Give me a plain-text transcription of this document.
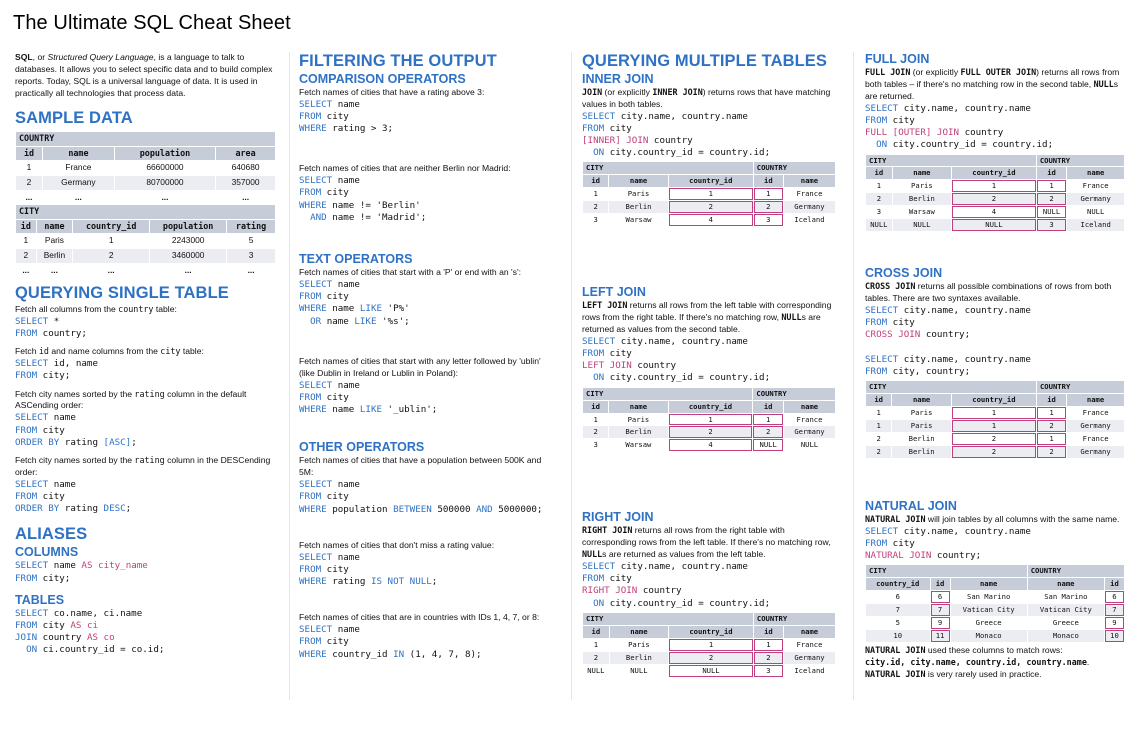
The Ultimate SQL Cheat Sheet
SQL, or Structured Query Language, is a language to talk to databases. It allows you to select specific data and to build complex reports. Today, SQL is a universal language of data. It is used in practically all technologies that process data.
SAMPLE DATA
COUNTRY			
id	name	population	area
1	France	66600000	640680
2	Germany	80700000	357000
...	...	...	...
CITY			
id	name	country_id	population	rating
1	Paris	1	2243000	5
2	Berlin	2	3460000	3
...	...	...	...	...
QUERYING SINGLE TABLE
Fetch all columns from the country table:
SELECT *
FROM country;
Fetch id and name columns from the city table:
SELECT id, name
FROM city;
Fetch city names sorted by the rating column in the default ASCending order:
SELECT name
FROM city
ORDER BY rating [ASC];
Fetch city names sorted by the rating column in the DESCending order:
SELECT name
FROM city
ORDER BY rating DESC;
ALIASES
COLUMNS
SELECT name AS city_name
FROM city;
TABLES
SELECT co.name, ci.name
FROM city AS ci
JOIN country AS co
ON ci.country_id = co.id;
FILTERING THE OUTPUT
COMPARISON OPERATORS
Fetch names of cities that have a rating above 3:
SELECT name
FROM city
WHERE rating > 3;
Fetch names of cities that are neither Berlin nor Madrid:
SELECT name
FROM city
WHERE name != 'Berlin'
AND name != 'Madrid';
TEXT OPERATORS
Fetch names of cities that start with a 'P' or end with an 's':
SELECT name
FROM city
WHERE name LIKE 'P%'
OR name LIKE '%s';
Fetch names of cities that start with any letter followed by 'ublin' (like Dublin in Ireland or Lublin in Poland):
SELECT name
FROM city
WHERE name LIKE '_ublin';
OTHER OPERATORS
Fetch names of cities that have a population between 500K and 5M:
SELECT name
FROM city
WHERE population BETWEEN 500000 AND 5000000;
Fetch names of cities that don't miss a rating value:
SELECT name
FROM city
WHERE rating IS NOT NULL;
Fetch names of cities that are in countries with IDs 1, 4, 7, or 8:
SELECT name
FROM city
WHERE country_id IN (1, 4, 7, 8);
QUERYING MULTIPLE TABLES
INNER JOIN
JOIN (or explicitly INNER JOIN) returns rows that have matching values in both tables.
SELECT city.name, country.name
FROM city
[INNER] JOIN country
ON city.country_id = country.id;
CITY			COUNTRY	
id	name	country_id	id	name
1	Paris	1	1	France
2	Berlin	2	2	Germany
3	Warsaw	4	3	Iceland
LEFT JOIN
LEFT JOIN returns all rows from the left table with corresponding rows from the right table. If there's no matching row, NULLs are returned as values from the second table.
SELECT city.name, country.name
FROM city
LEFT JOIN country
ON city.country_id = country.id;
CITY			COUNTRY	
id	name	country_id	id	name
1	Paris	1	1	France
2	Berlin	2	2	Germany
3	Warsaw	4	NULL	NULL
RIGHT JOIN
RIGHT JOIN returns all rows from the right table with corresponding rows from the left table. If there's no matching row, NULLs are returned as values from the left table.
SELECT city.name, country.name
FROM city
RIGHT JOIN country
ON city.country_id = country.id;
CITY			COUNTRY	
id	name	country_id	id	name
1	Paris	1	1	France
2	Berlin	2	2	Germany
NULL	NULL	NULL	3	Iceland
FULL JOIN
FULL JOIN (or explicitly FULL OUTER JOIN) returns all rows from both tables – if there's no matching row in the second table, NULLs are returned.
SELECT city.name, country.name
FROM city
FULL [OUTER] JOIN country
ON city.country_id = country.id;
CITY			COUNTRY	
id	name	country_id	id	name
1	Paris	1	1	France
2	Berlin	2	2	Germany
3	Warsaw	4	NULL	NULL
NULL	NULL	NULL	3	Iceland
CROSS JOIN
CROSS JOIN returns all possible combinations of rows from both tables. There are two syntaxes available.
SELECT city.name, country.name
FROM city
CROSS JOIN country;

SELECT city.name, country.name
FROM city, country;
CITY			COUNTRY	
id	name	country_id	id	name
1	Paris	1	1	France
1	Paris	1	2	Germany
2	Berlin	2	1	France
2	Berlin	2	2	Germany
NATURAL JOIN
NATURAL JOIN will join tables by all columns with the same name.
SELECT city.name, country.name
FROM city
NATURAL JOIN country;
CITY			COUNTRY	
country_id	id	name	name	id
6	6	San Marino	San Marino	6
7	7	Vatican City	Vatican City	7
5	9	Greece	Greece	9
10	11	Monaco	Monaco	10
NATURAL JOIN used these columns to match rows:
city.id, city.name, country.id, country.name.
NATURAL JOIN is very rarely used in practice.
